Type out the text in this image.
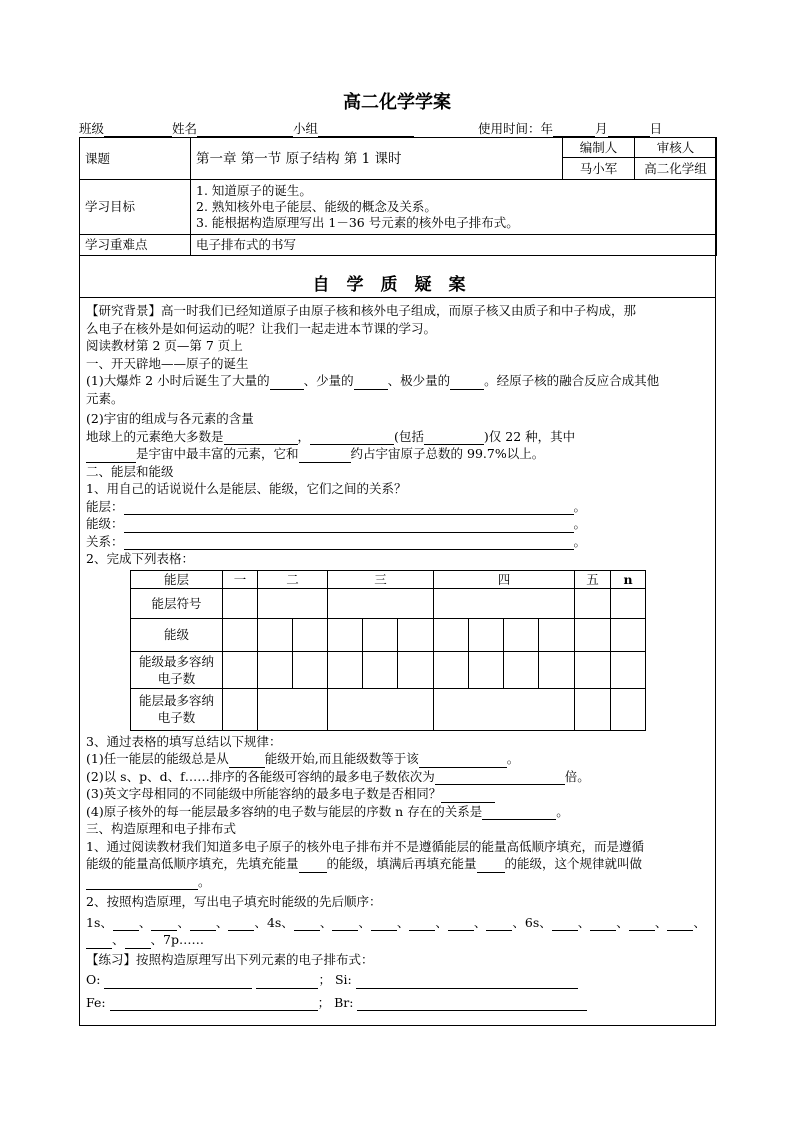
高二化学学案
班级	姓名	小组	使用时间：年	月	日
课题	第一章 第一节 原子结构 第 1 课时	编制人	审核人
		马小军	高二化学组
学习目标	1. 知道原子的诞生。
2. 熟知核外电子能层、能级的概念及关系。
3. 能根据构造原理写出 1－36 号元素的核外电子排布式。		

学习重难点	电子排布式的书写		
自学质疑案

【研究背景】高一时我们已经知道原子由原子核和核外电子组成，而原子核又由质子和中子构成，那

么电子在核外是如何运动的呢？让我们一起走进本节课的学习。

阅读教材第 2 页—第 7 页上

一、开天辟地——原子的诞生

(1)大爆炸 2 小时后诞生了大量的	、少量的	、极少量的	。经原子核的融合反应合成其他

元素。

(2)宇宙的组成与各元素的含量

地球上的元素绝大多数是	，	(包括	)仅 22 种，其中

是宇宙中最丰富的元素，它和	约占宇宙原子总数的 99.7%以上。

二、能层和能级

1、用自己的话说说什么是能层、能级，它们之间的关系？

能层：	。

能级：	。

关系：	。

2、完成下列表格：

能层	一	二		三			四				五	n
能层符号												
能级												
能级最多容纳电子数												
能层最多容纳电子数												

3、通过表格的填写总结以下规律：

(1)任一能层的能级总是从	能级开始,而且能级数等于该	。

(2)以 s、p、d、f……排序的各能级可容纳的最多电子数依次为	倍。

(3)英文字母相同的不同能级中所能容纳的最多电子数是否相同？

(4)原子核外的每一能层最多容纳的电子数与能层的序数 n 存在的关系是	。

三、构造原理和电子排布式

1、通过阅读教材我们知道多电子原子的核外电子排布并不是遵循能层的能量高低顺序填充，而是遵循

能级的能量高低顺序填充，先填充能量 的能级，填满后再填充能量 的能级，这个规律就叫做

。

2、按照构造原理，写出电子填充时能级的先后顺序：

1s、 、 、 、 、4s、 、 、 、 、 、 、6s、 、 、 、 、

、 、7p……

【练习】按照构造原理写出下列元素的电子排布式：

O:	； Si:

Fe:	； Br:
